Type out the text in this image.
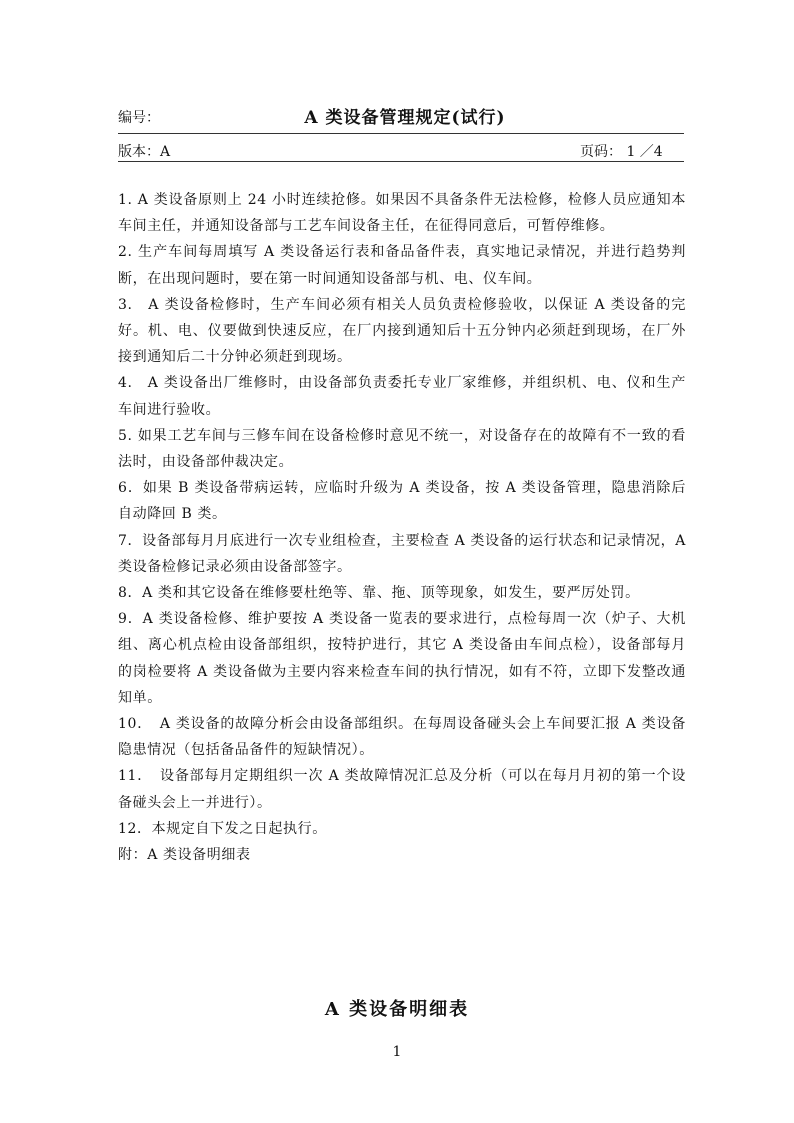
编号：	A 类设备管理规定(试行)
版本：A	页码： 1 ／4

1. A 类设备原则上 24 小时连续抢修。如果因不具备条件无法检修，检修人员应通知本车间主任，并通知设备部与工艺车间设备主任，在征得同意后，可暂停维修。

2. 生产车间每周填写 A 类设备运行表和备品备件表，真实地记录情况，并进行趋势判断，在出现问题时，要在第一时间通知设备部与机、电、仪车间。

3.　A 类设备检修时，生产车间必须有相关人员负责检修验收，以保证 A 类设备的完好。机、电、仪要做到快速反应，在厂内接到通知后十五分钟内必须赶到现场，在厂外接到通知后二十分钟必须赶到现场。

4.　A 类设备出厂维修时，由设备部负责委托专业厂家维修，并组织机、电、仪和生产车间进行验收。

5. 如果工艺车间与三修车间在设备检修时意见不统一，对设备存在的故障有不一致的看法时，由设备部仲裁决定。

6．如果 B 类设备带病运转，应临时升级为 A 类设备，按 A 类设备管理，隐患消除后自动降回 B 类。

7．设备部每月月底进行一次专业组检查，主要检查 A 类设备的运行状态和记录情况，A 类设备检修记录必须由设备部签字。

8．A 类和其它设备在维修要杜绝等、靠、拖、顶等现象，如发生，要严厉处罚。

9．A 类设备检修、维护要按 A 类设备一览表的要求进行，点检每周一次（炉子、大机组、离心机点检由设备部组织，按特护进行，其它 A 类设备由车间点检），设备部每月的岗检要将 A 类设备做为主要内容来检查车间的执行情况，如有不符，立即下发整改通知单。

10．　A 类设备的故障分析会由设备部组织。在每周设备碰头会上车间要汇报 A 类设备隐患情况（包括备品备件的短缺情况）。

11．　设备部每月定期组织一次 A 类故障情况汇总及分析（可以在每月月初的第一个设备碰头会上一并进行）。

12．本规定自下发之日起执行。

附：A 类设备明细表

A 类设备明细表
1
